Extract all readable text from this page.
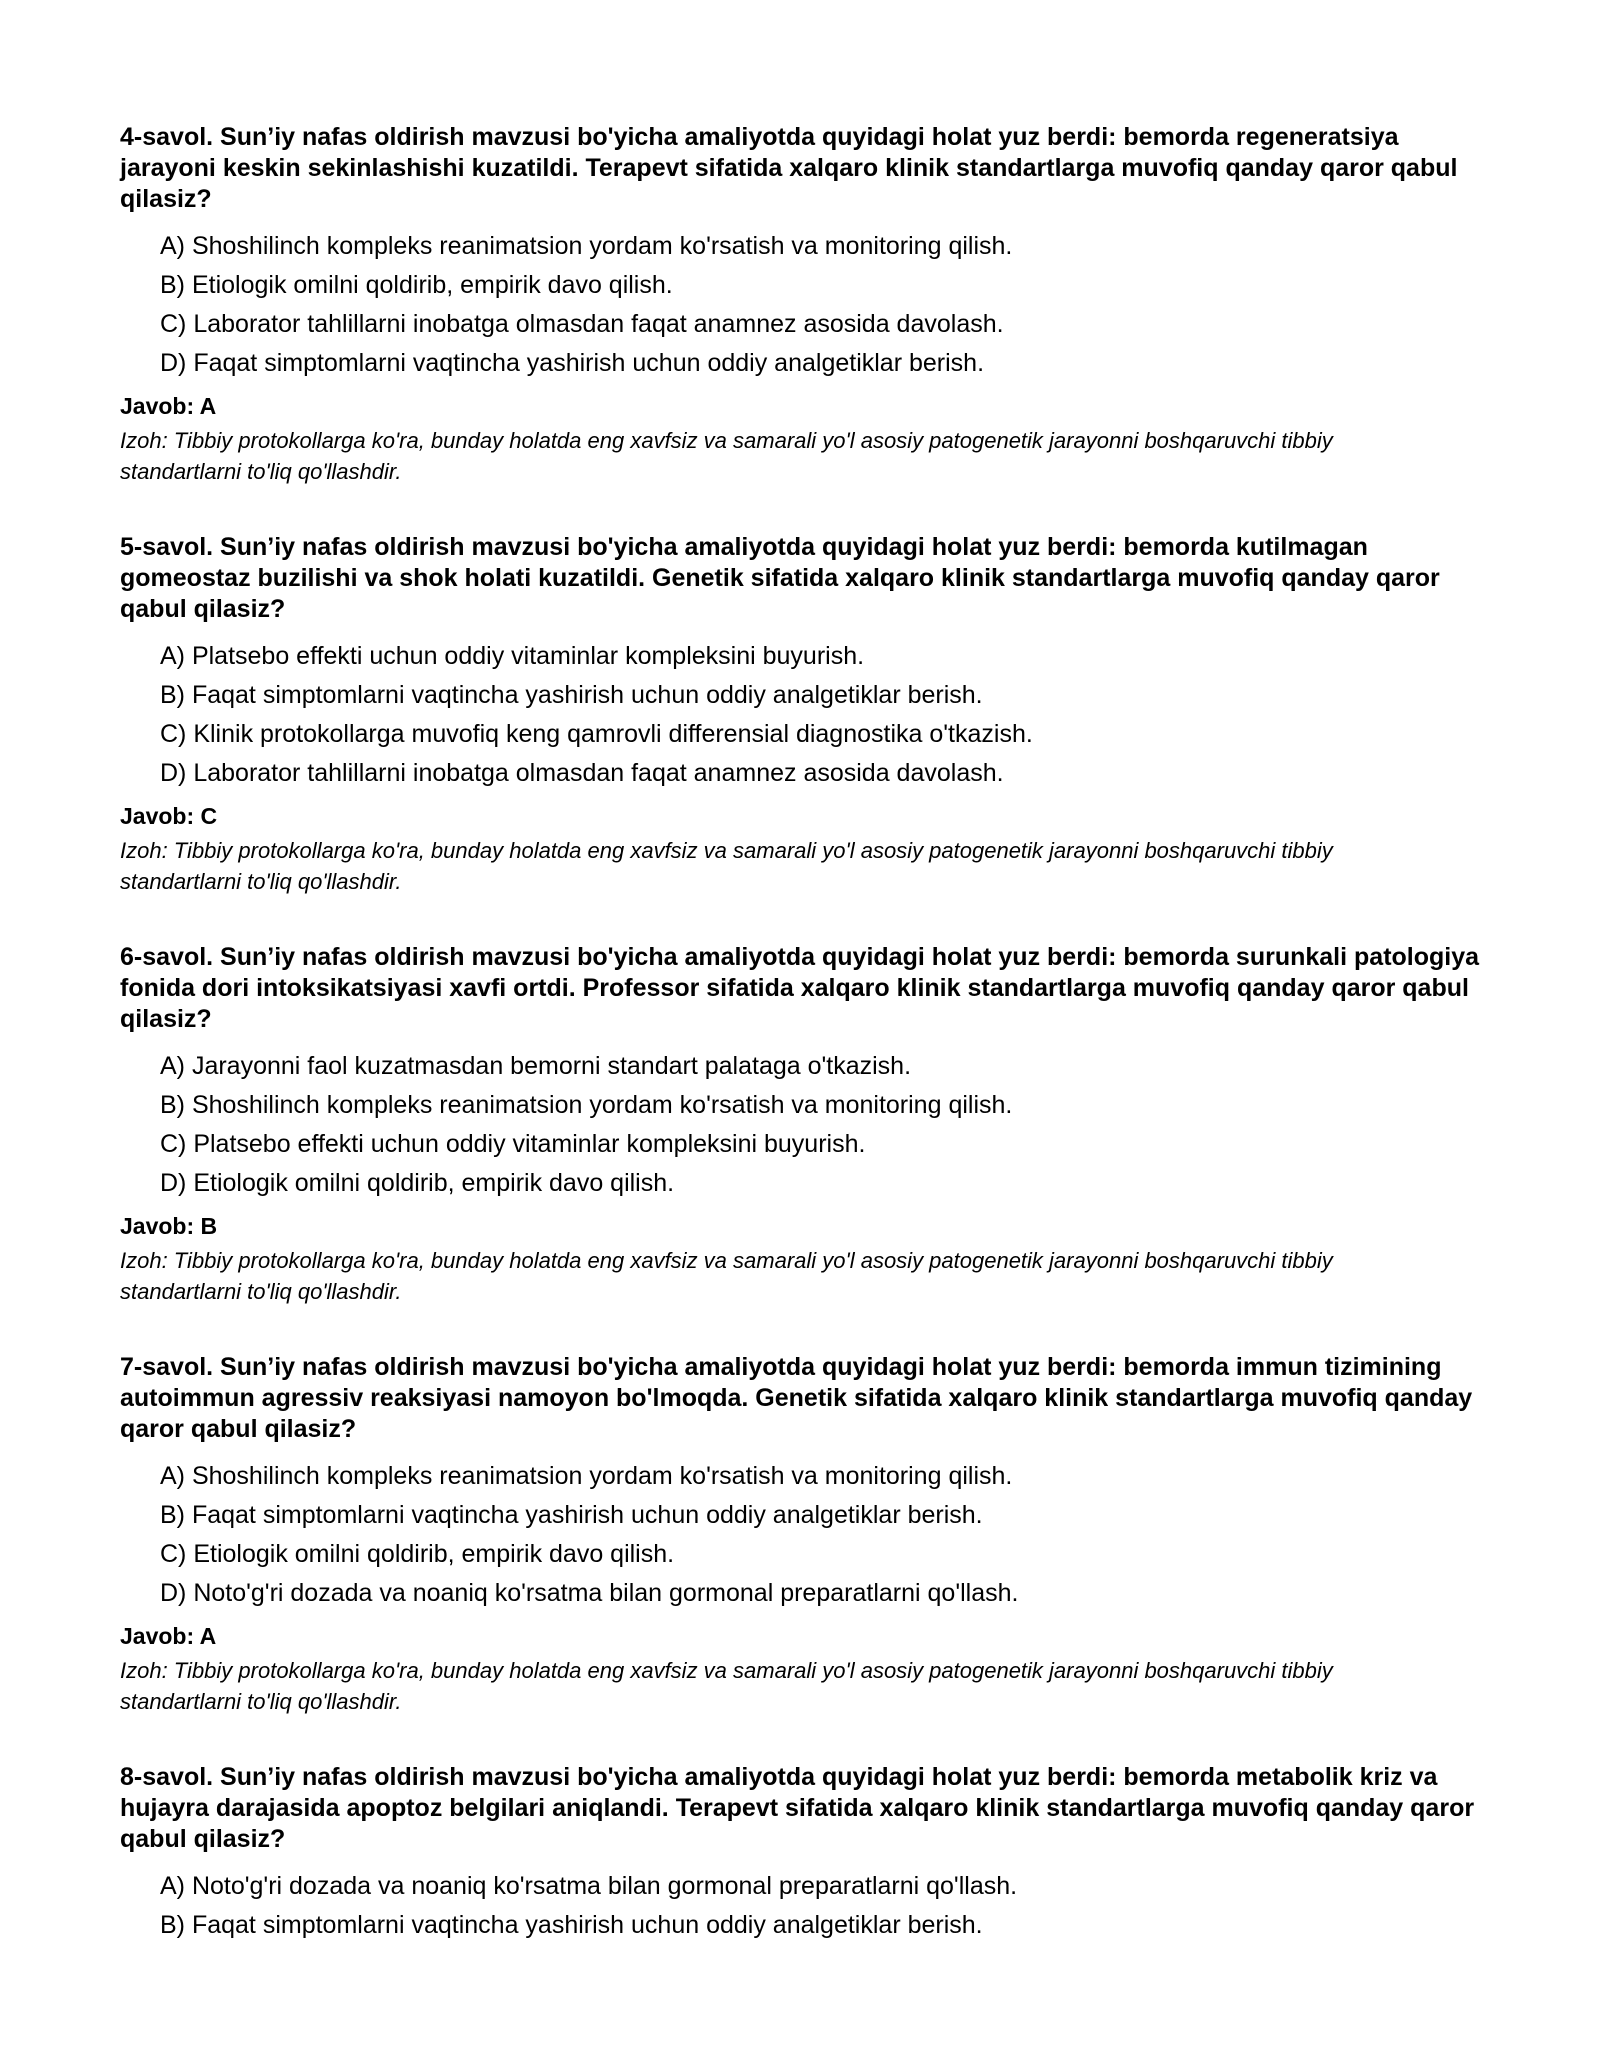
4-savol. Sun’iy nafas oldirish mavzusi bo'yicha amaliyotda quyidagi holat yuz berdi: bemorda regeneratsiya jarayoni keskin sekinlashishi kuzatildi. Terapevt sifatida xalqaro klinik standartlarga muvofiq qanday qaror qabul qilasiz?

A) Shoshilinch kompleks reanimatsion yordam ko'rsatish va monitoring qilish.
B) Etiologik omilni qoldirib, empirik davo qilish.
C) Laborator tahlillarni inobatga olmasdan faqat anamnez asosida davolash.
D) Faqat simptomlarni vaqtincha yashirish uchun oddiy analgetiklar berish.

Javob: A

Izoh: Tibbiy protokollarga ko'ra, bunday holatda eng xavfsiz va samarali yo'l asosiy patogenetik jarayonni boshqaruvchi tibbiy standartlarni to'liq qo'llashdir.

5-savol. Sun’iy nafas oldirish mavzusi bo'yicha amaliyotda quyidagi holat yuz berdi: bemorda kutilmagan gomeostaz buzilishi va shok holati kuzatildi. Genetik sifatida xalqaro klinik standartlarga muvofiq qanday qaror qabul qilasiz?

A) Platsebo effekti uchun oddiy vitaminlar kompleksini buyurish.
B) Faqat simptomlarni vaqtincha yashirish uchun oddiy analgetiklar berish.
C) Klinik protokollarga muvofiq keng qamrovli differensial diagnostika o'tkazish.
D) Laborator tahlillarni inobatga olmasdan faqat anamnez asosida davolash.

Javob: C

Izoh: Tibbiy protokollarga ko'ra, bunday holatda eng xavfsiz va samarali yo'l asosiy patogenetik jarayonni boshqaruvchi tibbiy standartlarni to'liq qo'llashdir.

6-savol. Sun’iy nafas oldirish mavzusi bo'yicha amaliyotda quyidagi holat yuz berdi: bemorda surunkali patologiya fonida dori intoksikatsiyasi xavfi ortdi. Professor sifatida xalqaro klinik standartlarga muvofiq qanday qaror qabul qilasiz?

A) Jarayonni faol kuzatmasdan bemorni standart palataga o'tkazish.
B) Shoshilinch kompleks reanimatsion yordam ko'rsatish va monitoring qilish.
C) Platsebo effekti uchun oddiy vitaminlar kompleksini buyurish.
D) Etiologik omilni qoldirib, empirik davo qilish.

Javob: B

Izoh: Tibbiy protokollarga ko'ra, bunday holatda eng xavfsiz va samarali yo'l asosiy patogenetik jarayonni boshqaruvchi tibbiy standartlarni to'liq qo'llashdir.

7-savol. Sun’iy nafas oldirish mavzusi bo'yicha amaliyotda quyidagi holat yuz berdi: bemorda immun tizimining autoimmun agressiv reaksiyasi namoyon bo'lmoqda. Genetik sifatida xalqaro klinik standartlarga muvofiq qanday qaror qabul qilasiz?

A) Shoshilinch kompleks reanimatsion yordam ko'rsatish va monitoring qilish.
B) Faqat simptomlarni vaqtincha yashirish uchun oddiy analgetiklar berish.
C) Etiologik omilni qoldirib, empirik davo qilish.
D) Noto'g'ri dozada va noaniq ko'rsatma bilan gormonal preparatlarni qo'llash.

Javob: A

Izoh: Tibbiy protokollarga ko'ra, bunday holatda eng xavfsiz va samarali yo'l asosiy patogenetik jarayonni boshqaruvchi tibbiy standartlarni to'liq qo'llashdir.

8-savol. Sun’iy nafas oldirish mavzusi bo'yicha amaliyotda quyidagi holat yuz berdi: bemorda metabolik kriz va hujayra darajasida apoptoz belgilari aniqlandi. Terapevt sifatida xalqaro klinik standartlarga muvofiq qanday qaror qabul qilasiz?

A) Noto'g'ri dozada va noaniq ko'rsatma bilan gormonal preparatlarni qo'llash.
B) Faqat simptomlarni vaqtincha yashirish uchun oddiy analgetiklar berish.
